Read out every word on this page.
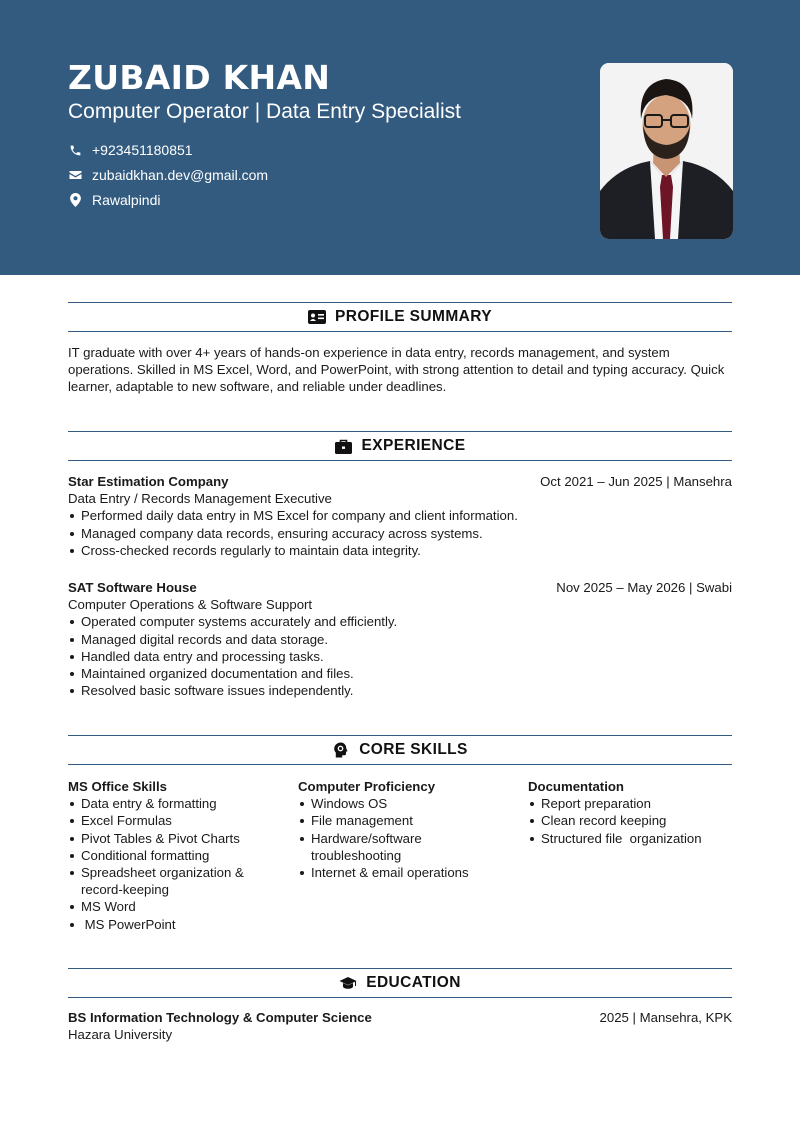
ZUBAID KHAN
Computer Operator | Data Entry Specialist
+923451180851
zubaidkhan.dev@gmail.com
Rawalpindi
PROFILE SUMMARY
IT graduate with over 4+ years of hands-on experience in data entry, records management, and system
operations. Skilled in MS Excel, Word, and PowerPoint, with strong attention to detail and typing accuracy. Quick
learner, adaptable to new software, and reliable under deadlines.
EXPERIENCE
Star Estimation Company	Oct 2021 – Jun 2025 | Mansehra
Data Entry / Records Management Executive
Performed daily data entry in MS Excel for company and client information.
Managed company data records, ensuring accuracy across systems.
Cross-checked records regularly to maintain data integrity.
SAT Software House	Nov 2025 – May 2026 | Swabi
Computer Operations & Software Support
Operated computer systems accurately and efficiently.
Managed digital records and data storage.
Handled data entry and processing tasks.
Maintained organized documentation and files.
Resolved basic software issues independently.
CORE SKILLS
MS Office Skills
Data entry & formatting
Excel Formulas
Pivot Tables & Pivot Charts
Conditional formatting
Spreadsheet organization &
record-keeping
MS Word
MS PowerPoint
Computer Proficiency
Windows OS
File management
Hardware/software
troubleshooting
Internet & email operations
Documentation
Report preparation
Clean record keeping
Structured file  organization
EDUCATION
BS Information Technology & Computer Science	2025 | Mansehra, KPK
Hazara University
